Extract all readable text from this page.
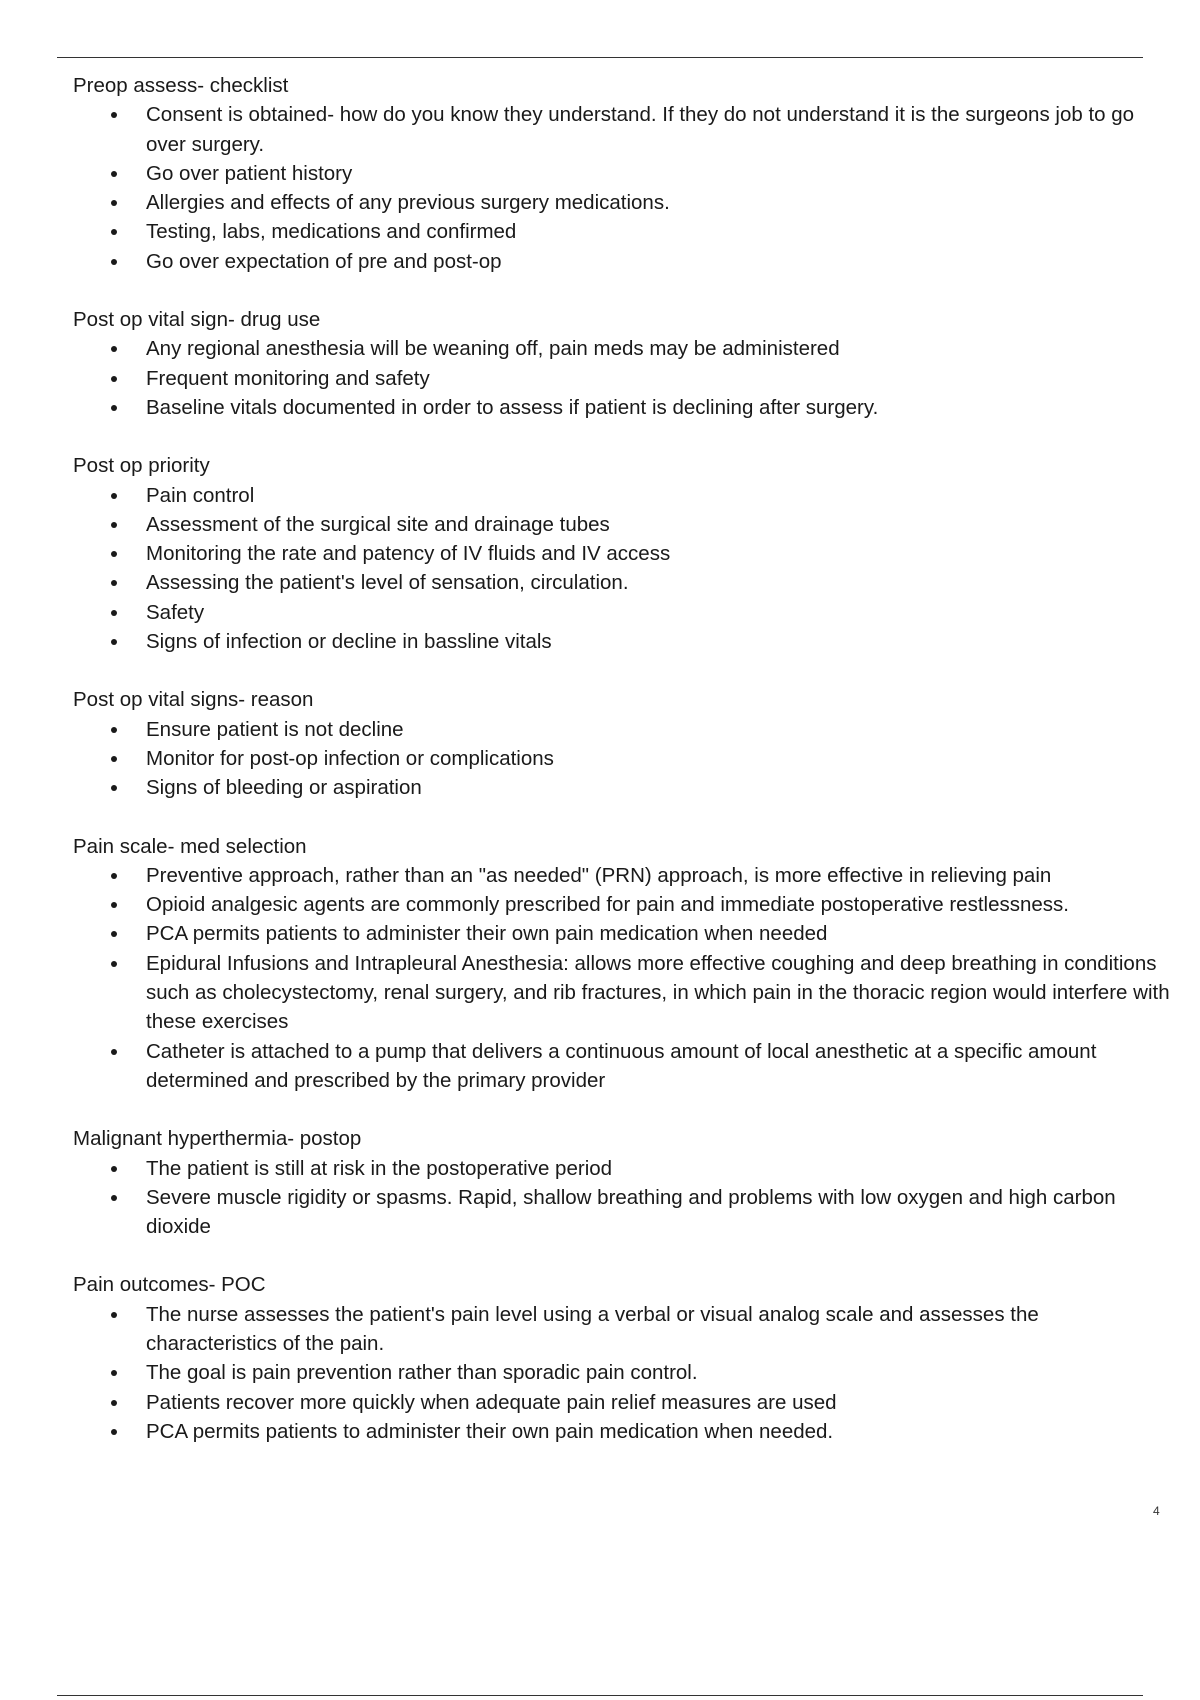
Preop assess- checklist

Consent is obtained- how do you know they understand. If they do not understand it is the surgeons job to go over surgery.
Go over patient history
Allergies and effects of any previous surgery medications.
Testing, labs, medications and confirmed
Go over expectation of pre and post-op

Post op vital sign- drug use

Any regional anesthesia will be weaning off, pain meds may be administered
Frequent monitoring and safety
Baseline vitals documented in order to assess if patient is declining after surgery.

Post op priority

Pain control
Assessment of the surgical site and drainage tubes
Monitoring the rate and patency of IV fluids and IV access
Assessing the patient's level of sensation, circulation.
Safety
Signs of infection or decline in bassline vitals

Post op vital signs- reason

Ensure patient is not decline
Monitor for post-op infection or complications
Signs of bleeding or aspiration

Pain scale- med selection

Preventive approach, rather than an "as needed" (PRN) approach, is more effective in relieving pain
Opioid analgesic agents are commonly prescribed for pain and immediate postoperative restlessness.
PCA permits patients to administer their own pain medication when needed
Epidural Infusions and Intrapleural Anesthesia: allows more effective coughing and deep breathing in conditions such as cholecystectomy, renal surgery, and rib fractures, in which pain in the thoracic region would interfere with these exercises
Catheter is attached to a pump that delivers a continuous amount of local anesthetic at a specific amount determined and prescribed by the primary provider

Malignant hyperthermia- postop

The patient is still at risk in the postoperative period
Severe muscle rigidity or spasms. Rapid, shallow breathing and problems with low oxygen and high carbon dioxide

Pain outcomes- POC

The nurse assesses the patient's pain level using a verbal or visual analog scale and assesses the characteristics of the pain.
The goal is pain prevention rather than sporadic pain control.
Patients recover more quickly when adequate pain relief measures are used
PCA permits patients to administer their own pain medication when needed.
4
